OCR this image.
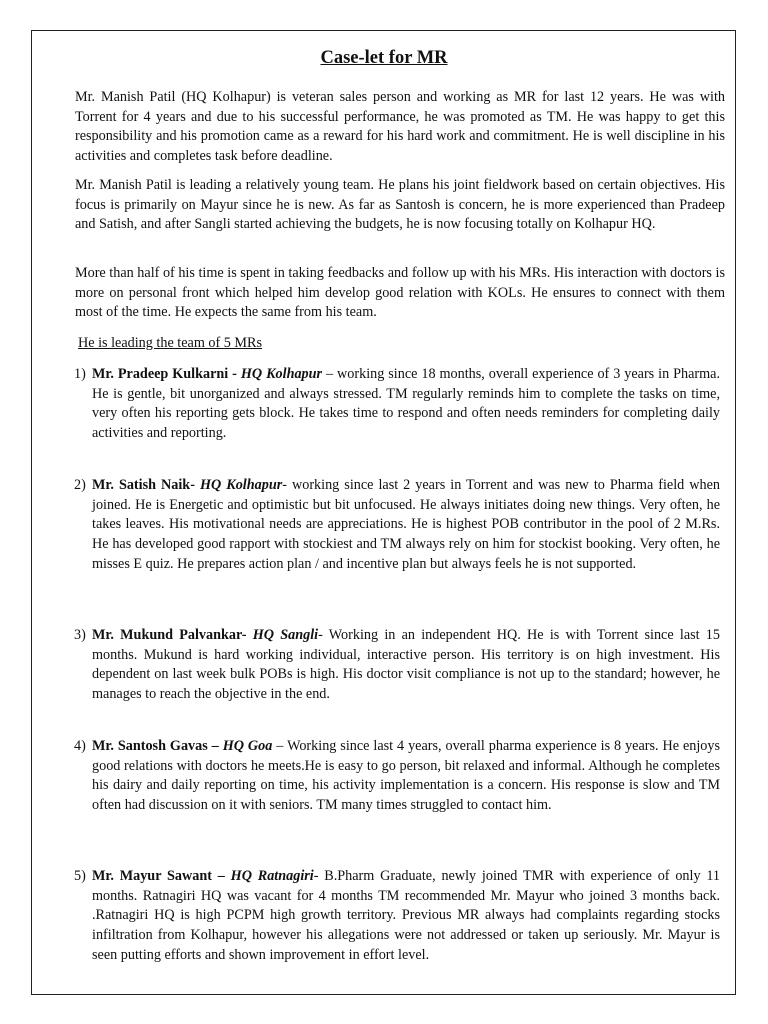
Case-let for MR
Mr. Manish Patil (HQ Kolhapur) is veteran sales person and working as MR for last 12 years. He was with Torrent for 4 years and due to his successful performance, he was promoted as TM. He was happy to get this responsibility and his promotion came as a reward for his hard work and commitment. He is well discipline in his activities and completes task before deadline.
Mr. Manish Patil is leading a relatively young team. He plans his joint fieldwork based on certain objectives. His focus is primarily on Mayur since he is new. As far as Santosh is concern, he is more experienced than Pradeep and Satish, and after Sangli started achieving the budgets, he is now focusing totally on Kolhapur HQ.
More than half of his time is spent in taking feedbacks and follow up with his MRs. His interaction with doctors is more on personal front which helped him develop good relation with KOLs. He ensures to connect with them most of the time. He expects the same from his team.
He is leading the team of 5 MRs
1) Mr. Pradeep Kulkarni - HQ Kolhapur – working since 18 months, overall experience of 3 years in Pharma. He is gentle, bit unorganized and always stressed. TM regularly reminds him to complete the tasks on time, very often his reporting gets block. He takes time to respond and often needs reminders for completing daily activities and reporting.
2) Mr. Satish Naik- HQ Kolhapur- working since last 2 years in Torrent and was new to Pharma field when joined. He is Energetic and optimistic but bit unfocused. He always initiates doing new things. Very often, he takes leaves. His motivational needs are appreciations. He is highest POB contributor in the pool of 2 M.Rs. He has developed good rapport with stockiest and TM always rely on him for stockist booking. Very often, he misses E quiz. He prepares action plan / and incentive plan but always feels he is not supported.
3) Mr. Mukund Palvankar- HQ Sangli- Working in an independent HQ. He is with Torrent since last 15 months. Mukund is hard working individual, interactive person. His territory is on high investment. His dependent on last week bulk POBs is high. His doctor visit compliance is not up to the standard; however, he manages to reach the objective in the end.
4) Mr. Santosh Gavas – HQ Goa – Working since last 4 years, overall pharma experience is 8 years. He enjoys good relations with doctors he meets.He is easy to go person, bit relaxed and informal. Although he completes his dairy and daily reporting on time, his activity implementation is a concern. His response is slow and TM often had discussion on it with seniors. TM many times struggled to contact him.
5) Mr. Mayur Sawant – HQ Ratnagiri- B.Pharm Graduate, newly joined TMR with experience of only 11 months. Ratnagiri HQ was vacant for 4 months TM recommended Mr. Mayur who joined 3 months back. .Ratnagiri HQ is high PCPM high growth territory. Previous MR always had complaints regarding stocks infiltration from Kolhapur, however his allegations were not addressed or taken up seriously. Mr. Mayur is seen putting efforts and shown improvement in effort level.
